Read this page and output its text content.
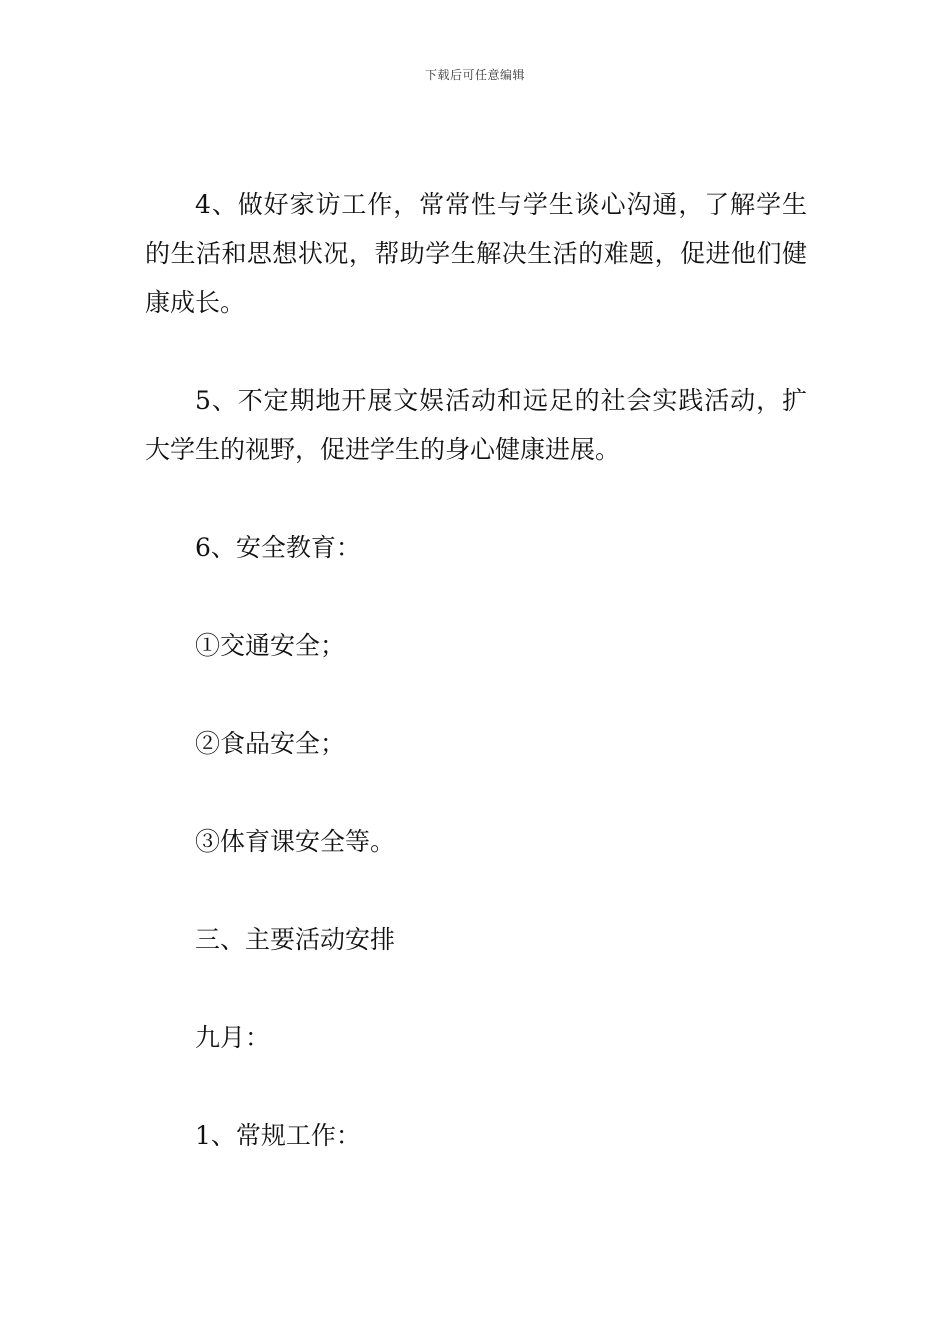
下载后可任意编辑

4、做好家访工作，常常性与学生谈心沟通，了解学生的生活和思想状况，帮助学生解决生活的难题，促进他们健康成长。

5、不定期地开展文娱活动和远足的社会实践活动，扩大学生的视野，促进学生的身心健康进展。

6、安全教育：

①交通安全；

②食品安全；

③体育课安全等。

三、主要活动安排

九月：

1、常规工作：
